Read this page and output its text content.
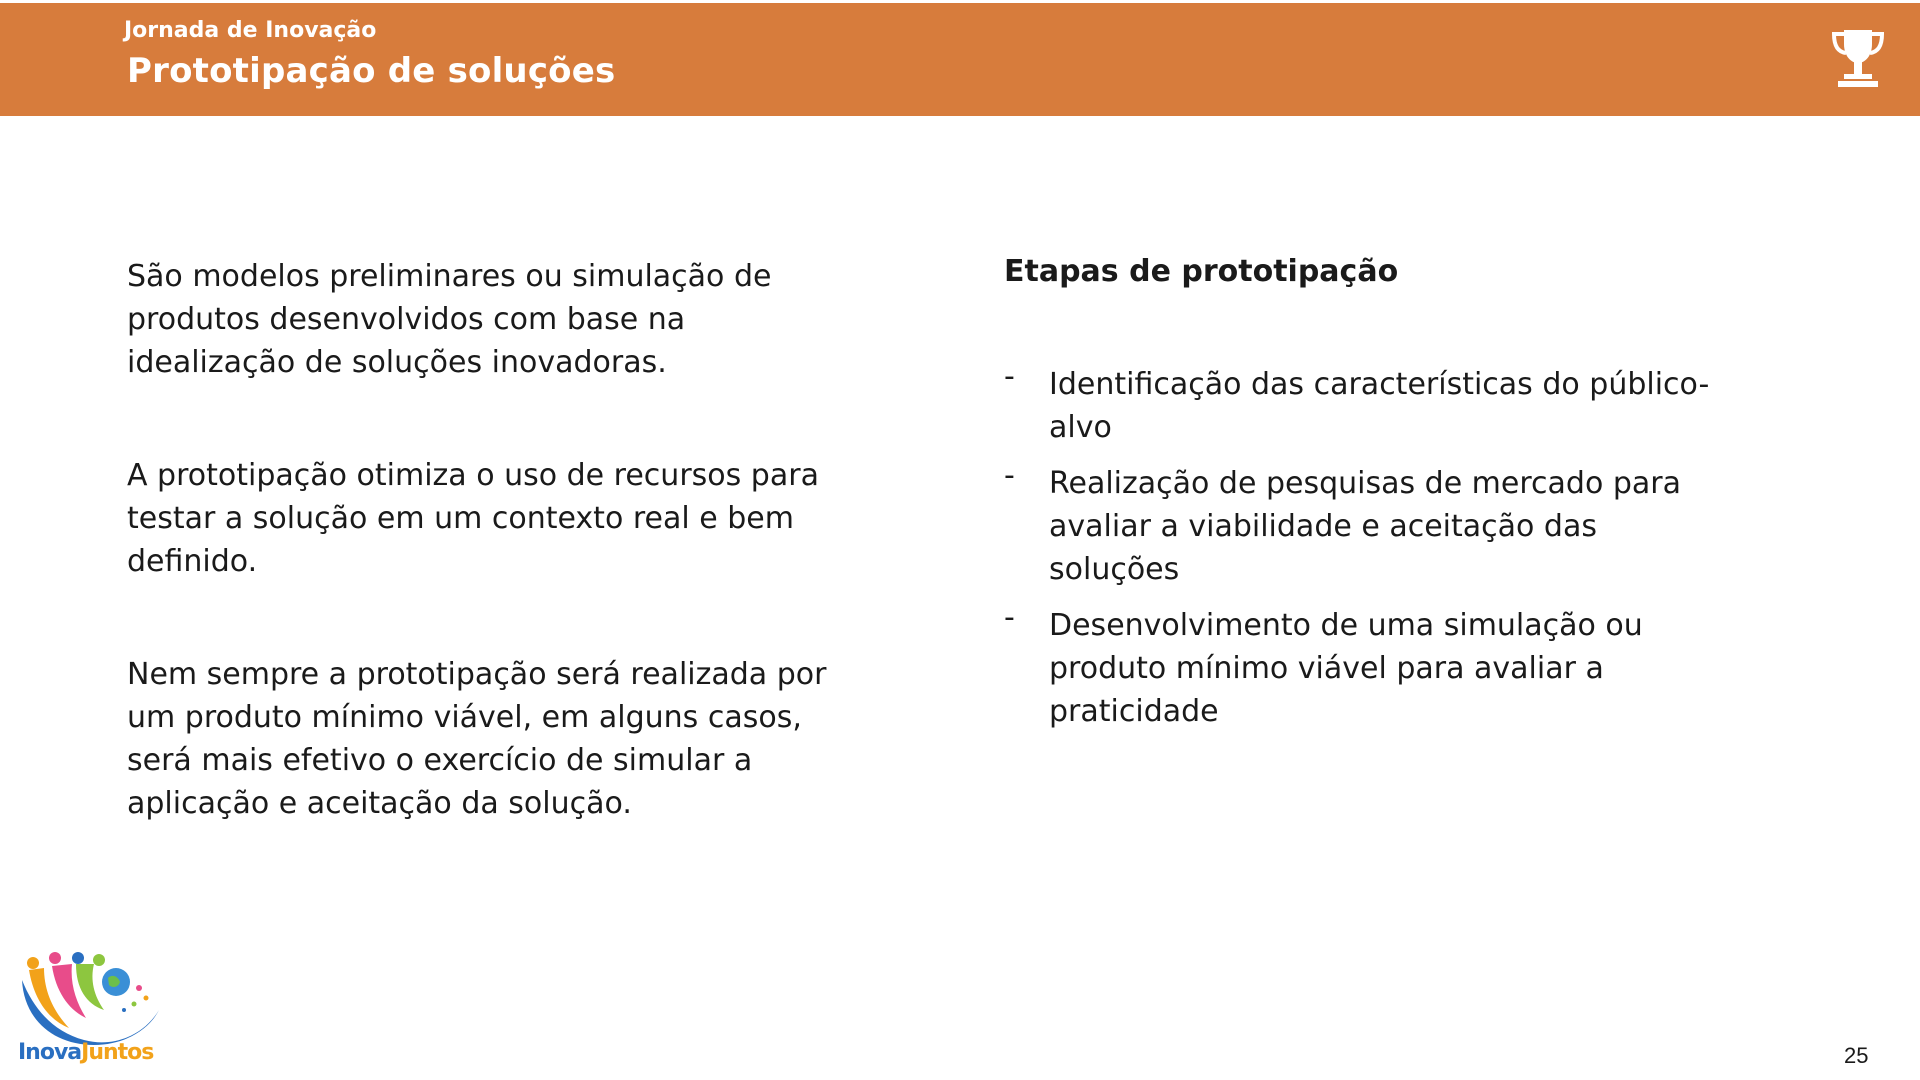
Jornada de Inovação
Prototipação de soluções

São modelos preliminares ou simulação de produtos desenvolvidos com base na idealização de soluções inovadoras.

A prototipação otimiza o uso de recursos para testar a solução em um contexto real e bem definido.

Nem sempre a prototipação será realizada por um produto mínimo viável, em alguns casos, será mais efetivo o exercício de simular a aplicação e aceitação da solução.

Etapas de prototipação
- Identificação das características do público-alvo
- Realização de pesquisas de mercado para avaliar a viabilidade e aceitação das soluções
- Desenvolvimento de uma simulação ou produto mínimo viável para avaliar a praticidade
InovaJuntos	25
